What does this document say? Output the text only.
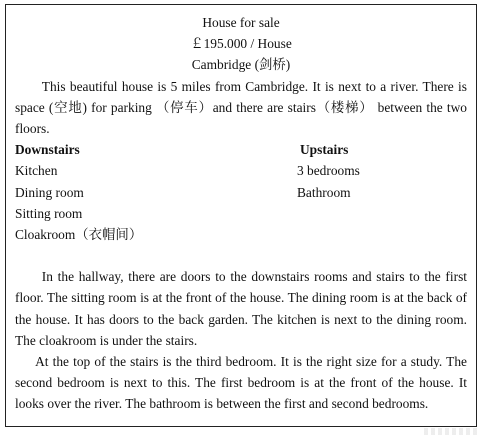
House for sale
￡195.000 / House
Cambridge (剑桥)
This beautiful house is 5 miles from Cambridge. It is next to a river. There is space (空地) for parking （停车）and there are stairs（楼梯） between the two floors.
Downstairs
Kitchen
Dining room
Sitting room
Cloakroom（衣帽间）
Upstairs
3 bedrooms
Bathroom
In the hallway, there are doors to the downstairs rooms and stairs to the first floor. The sitting room is at the front of the house. The dining room is at the back of the house. It has doors to the back garden. The kitchen is next to the dining room. The cloakroom is under the stairs.
At the top of the stairs is the third bedroom. It is the right size for a study. The second bedroom is next to this. The first bedroom is at the front of the house. It looks over the river. The bathroom is between the first and second bedrooms.
